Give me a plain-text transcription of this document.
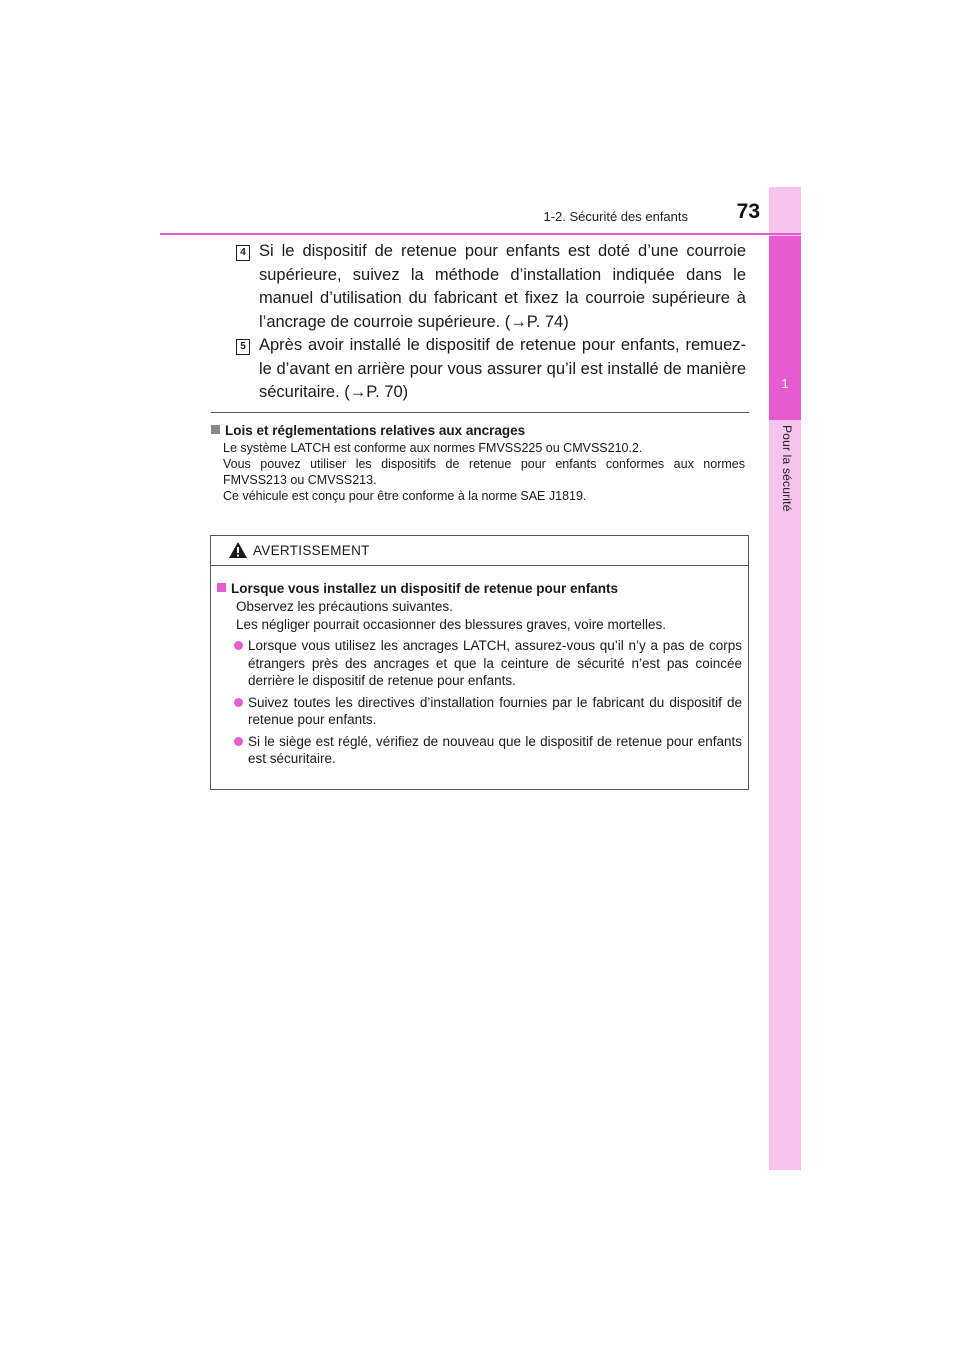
1
Pour la sécurité
1-2. Sécurité des enfants	73
4 Si le dispositif de retenue pour enfants est doté d’une courroie supérieure, suivez la méthode d’installation indiquée dans le manuel d’utilisation du fabricant et fixez la courroie supérieure à l’ancrage de courroie supérieure. (→P. 74)
5 Après avoir installé le dispositif de retenue pour enfants, remuez-le d’avant en arrière pour vous assurer qu’il est installé de manière sécuritaire. (→P. 70)
Lois et réglementations relatives aux ancrages

Le système LATCH est conforme aux normes FMVSS225 ou CMVSS210.2.

Vous pouvez utiliser les dispositifs de retenue pour enfants conformes aux normes FMVSS213 ou CMVSS213.

Ce véhicule est conçu pour être conforme à la norme SAE J1819.

AVERTISSEMENT
Lorsque vous installez un dispositif de retenue pour enfants

Observez les précautions suivantes.

Les négliger pourrait occasionner des blessures graves, voire mortelles.

Lorsque vous utilisez les ancrages LATCH, assurez-vous qu’il n’y a pas de corps étrangers près des ancrages et que la ceinture de sécurité n’est pas coincée derrière le dispositif de retenue pour enfants.
Suivez toutes les directives d’installation fournies par le fabricant du dispositif de retenue pour enfants.
Si le siège est réglé, vérifiez de nouveau que le dispositif de retenue pour enfants est sécuritaire.
